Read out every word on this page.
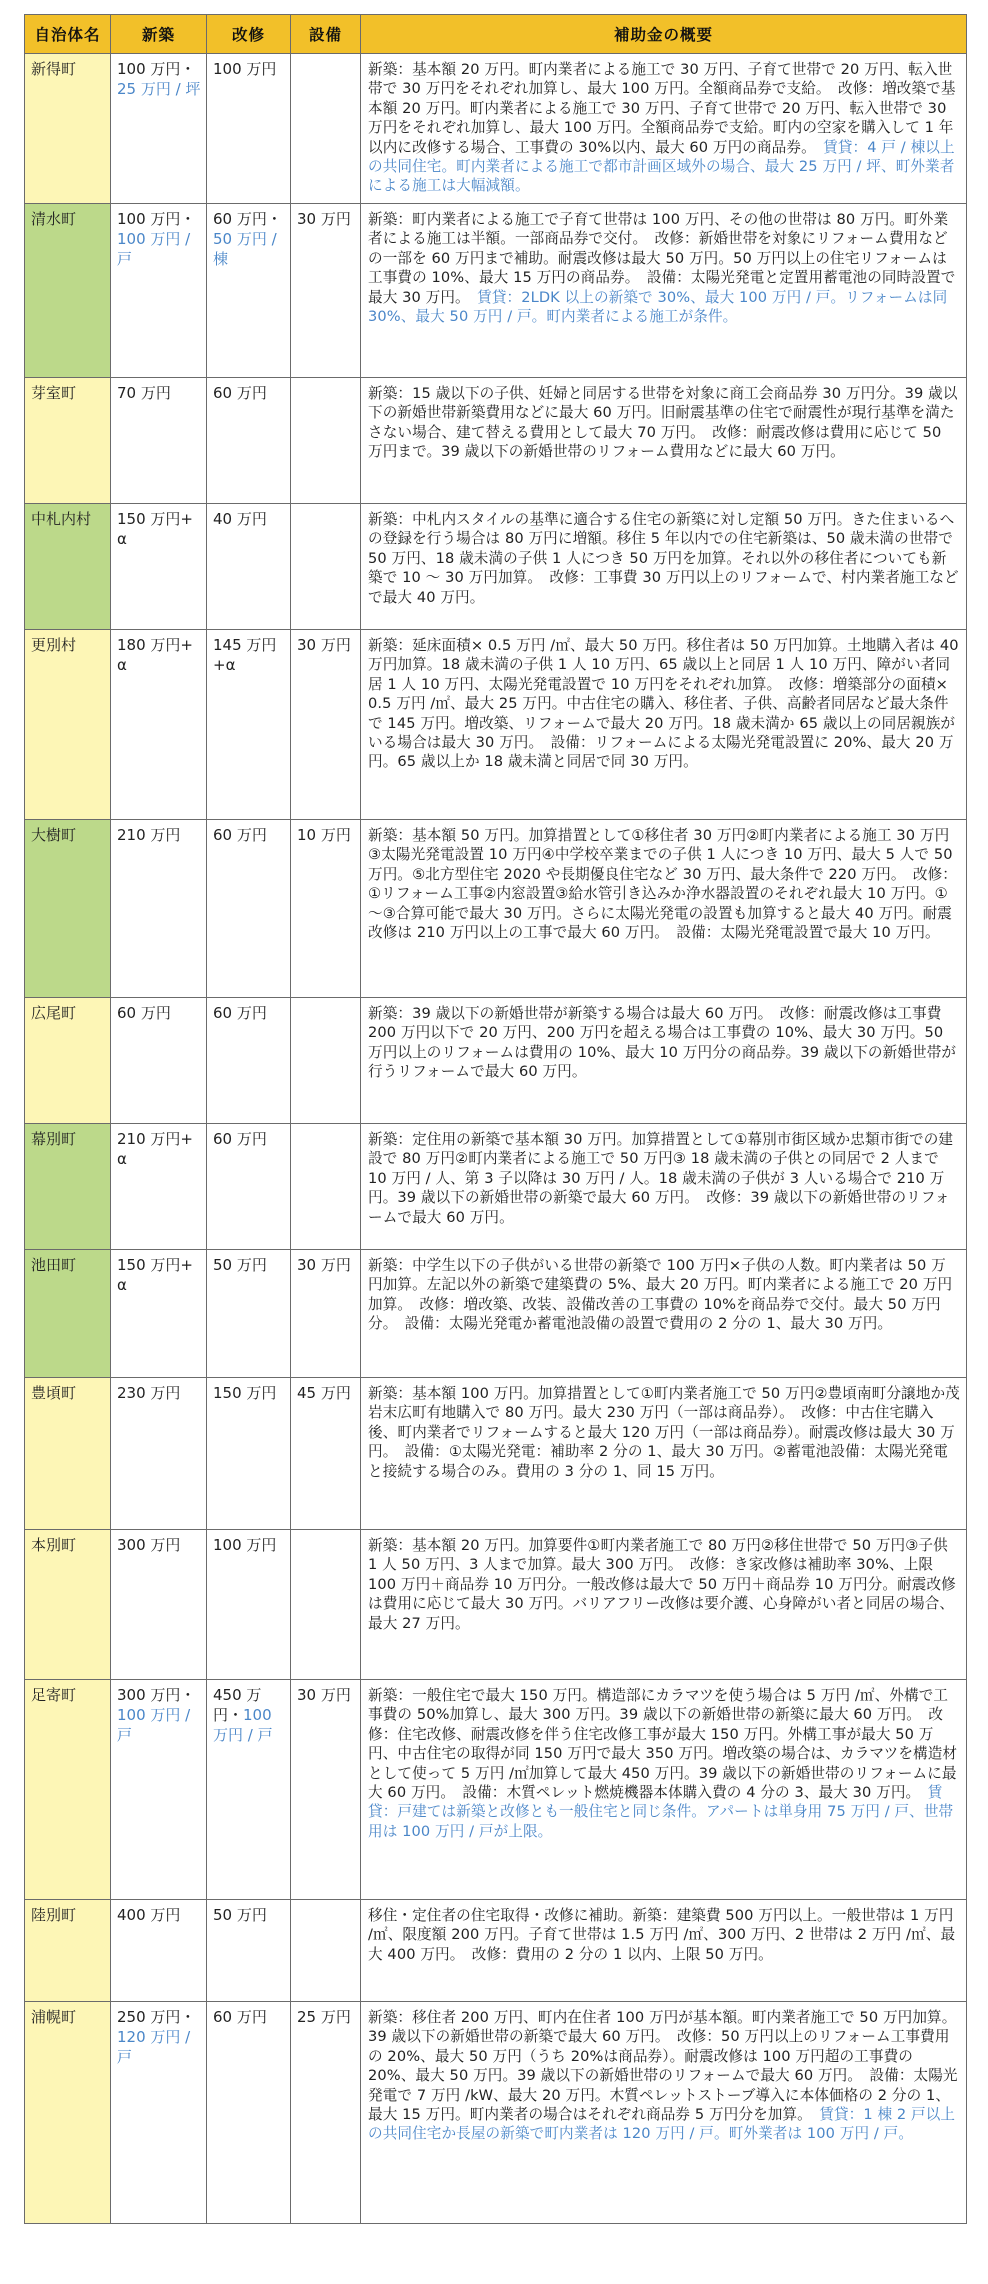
自治体名	新築	改修	設備	補助金の概要
新得町	100 万円・25 万円 / 坪	100 万円		新築：基本額 20 万円。町内業者による施工で 30 万円、子育て世帯で 20 万円、転入世帯で 30 万円をそれぞれ加算し、最大 100 万円。全額商品券で支給。　改修：増改築で基本額 20 万円。町内業者による施工で 30 万円、子育て世帯で 20 万円、転入世帯で 30 万円をそれぞれ加算し、最大 100 万円。全額商品券で支給。町内の空家を購入して 1 年以内に改修する場合、工事費の 30%以内、最大 60 万円の商品券。　賃貸：4 戸 / 棟以上の共同住宅。町内業者による施工で都市計画区域外の場合、最大 25 万円 / 坪、町外業者による施工は大幅減額。
清水町	100 万円・100 万円 / 戸	60 万円・50 万円 / 棟	30 万円	新築：町内業者による施工で子育て世帯は 100 万円、その他の世帯は 80 万円。町外業者による施工は半額。一部商品券で交付。　改修：新婚世帯を対象にリフォーム費用などの一部を 60 万円まで補助。耐震改修は最大 50 万円。50 万円以上の住宅リフォームは工事費の 10%、最大 15 万円の商品券。　設備：太陽光発電と定置用蓄電池の同時設置で最大 30 万円。　賃貸：2LDK 以上の新築で 30%、最大 100 万円 / 戸。リフォームは同 30%、最大 50 万円 / 戸。町内業者による施工が条件。
芽室町	70 万円	60 万円		新築：15 歳以下の子供、妊婦と同居する世帯を対象に商工会商品券 30 万円分。39 歳以下の新婚世帯新築費用などに最大 60 万円。旧耐震基準の住宅で耐震性が現行基準を満たさない場合、建て替える費用として最大 70 万円。　改修：耐震改修は費用に応じて 50 万円まで。39 歳以下の新婚世帯のリフォーム費用などに最大 60 万円。
中札内村	150 万円+α	40 万円		新築：中札内スタイルの基準に適合する住宅の新築に対し定額 50 万円。きた住まいるへの登録を行う場合は 80 万円に増額。移住 5 年以内での住宅新築は、50 歳未満の世帯で 50 万円、18 歳未満の子供 1 人につき 50 万円を加算。それ以外の移住者についても新築で 10 ～ 30 万円加算。　改修：工事費 30 万円以上のリフォームで、村内業者施工などで最大 40 万円。
更別村	180 万円+α	145 万円+α	30 万円	新築：延床面積× 0.5 万円 /㎡、最大 50 万円。移住者は 50 万円加算。土地購入者は 40 万円加算。18 歳未満の子供 1 人 10 万円、65 歳以上と同居 1 人 10 万円、障がい者同居 1 人 10 万円、太陽光発電設置で 10 万円をそれぞれ加算。　改修：増築部分の面積× 0.5 万円 /㎡、最大 25 万円。中古住宅の購入、移住者、子供、高齢者同居など最大条件で 145 万円。増改築、リフォームで最大 20 万円。18 歳未満か 65 歳以上の同居親族がいる場合は最大 30 万円。　設備：リフォームによる太陽光発電設置に 20%、最大 20 万円。65 歳以上か 18 歳未満と同居で同 30 万円。
大樹町	210 万円	60 万円	10 万円	新築：基本額 50 万円。加算措置として①移住者 30 万円②町内業者による施工 30 万円③太陽光発電設置 10 万円④中学校卒業までの子供 1 人につき 10 万円、最大 5 人で 50 万円。⑤北方型住宅 2020 や長期優良住宅など 30 万円、最大条件で 220 万円。　改修：①リフォーム工事②内窓設置③給水管引き込みか浄水器設置のそれぞれ最大 10 万円。①～③合算可能で最大 30 万円。さらに太陽光発電の設置も加算すると最大 40 万円。耐震改修は 210 万円以上の工事で最大 60 万円。　設備：太陽光発電設置で最大 10 万円。
広尾町	60 万円	60 万円		新築：39 歳以下の新婚世帯が新築する場合は最大 60 万円。　改修：耐震改修は工事費 200 万円以下で 20 万円、200 万円を超える場合は工事費の 10%、最大 30 万円。50 万円以上のリフォームは費用の 10%、最大 10 万円分の商品券。39 歳以下の新婚世帯が行うリフォームで最大 60 万円。
幕別町	210 万円+α	60 万円		新築：定住用の新築で基本額 30 万円。加算措置として①幕別市街区域か忠類市街での建設で 80 万円②町内業者による施工で 50 万円③ 18 歳未満の子供との同居で 2 人まで 10 万円 / 人、第 3 子以降は 30 万円 / 人。18 歳未満の子供が 3 人いる場合で 210 万円。39 歳以下の新婚世帯の新築で最大 60 万円。　改修：39 歳以下の新婚世帯のリフォームで最大 60 万円。
池田町	150 万円+α	50 万円	30 万円	新築：中学生以下の子供がいる世帯の新築で 100 万円×子供の人数。町内業者は 50 万円加算。左記以外の新築で建築費の 5%、最大 20 万円。町内業者による施工で 20 万円加算。　改修：増改築、改装、設備改善の工事費の 10%を商品券で交付。最大 50 万円分。　設備：太陽光発電か蓄電池設備の設置で費用の 2 分の 1、最大 30 万円。
豊頃町	230 万円	150 万円	45 万円	新築：基本額 100 万円。加算措置として①町内業者施工で 50 万円②豊頃南町分譲地か茂岩末広町有地購入で 80 万円。最大 230 万円（一部は商品券）。　改修：中古住宅購入後、町内業者でリフォームすると最大 120 万円（一部は商品券）。耐震改修は最大 30 万円。　設備：①太陽光発電：補助率 2 分の 1、最大 30 万円。②蓄電池設備：太陽光発電と接続する場合のみ。費用の 3 分の 1、同 15 万円。
本別町	300 万円	100 万円		新築：基本額 20 万円。加算要件①町内業者施工で 80 万円②移住世帯で 50 万円③子供 1 人 50 万円、3 人まで加算。最大 300 万円。　改修：き家改修は補助率 30%、上限 100 万円＋商品券 10 万円分。一般改修は最大で 50 万円＋商品券 10 万円分。耐震改修は費用に応じて最大 30 万円。バリアフリー改修は要介護、心身障がい者と同居の場合、最大 27 万円。
足寄町	300 万円・100 万円 / 戸	450 万円・100 万円 / 戸	30 万円	新築：一般住宅で最大 150 万円。構造部にカラマツを使う場合は 5 万円 /㎡、外構で工事費の 50%加算し、最大 300 万円。39 歳以下の新婚世帯の新築に最大 60 万円。　改修：住宅改修、耐震改修を伴う住宅改修工事が最大 150 万円。外構工事が最大 50 万円、中古住宅の取得が同 150 万円で最大 350 万円。増改築の場合は、カラマツを構造材として使って 5 万円 /㎡加算して最大 450 万円。39 歳以下の新婚世帯のリフォームに最大 60 万円。　設備：木質ペレット燃焼機器本体購入費の 4 分の 3、最大 30 万円。　賃貸：戸建ては新築と改修とも一般住宅と同じ条件。アパートは単身用 75 万円 / 戸、世帯用は 100 万円 / 戸が上限。
陸別町	400 万円	50 万円		移住・定住者の住宅取得・改修に補助。新築：建築費 500 万円以上。一般世帯は 1 万円 /㎡、限度額 200 万円。子育て世帯は 1.5 万円 /㎡、300 万円、2 世帯は 2 万円 /㎡、最大 400 万円。　改修：費用の 2 分の 1 以内、上限 50 万円。
浦幌町	250 万円・120 万円 / 戸	60 万円	25 万円	新築：移住者 200 万円、町内在住者 100 万円が基本額。町内業者施工で 50 万円加算。39 歳以下の新婚世帯の新築で最大 60 万円。　改修：50 万円以上のリフォーム工事費用の 20%、最大 50 万円（うち 20%は商品券）。耐震改修は 100 万円超の工事費の 20%、最大 50 万円。39 歳以下の新婚世帯のリフォームで最大 60 万円。　設備：太陽光発電で 7 万円 /kW、最大 20 万円。木質ペレットストーブ導入に本体価格の 2 分の 1、最大 15 万円。町内業者の場合はそれぞれ商品券 5 万円分を加算。　賃貸：1 棟 2 戸以上の共同住宅か長屋の新築で町内業者は 120 万円 / 戸。町外業者は 100 万円 / 戸。
